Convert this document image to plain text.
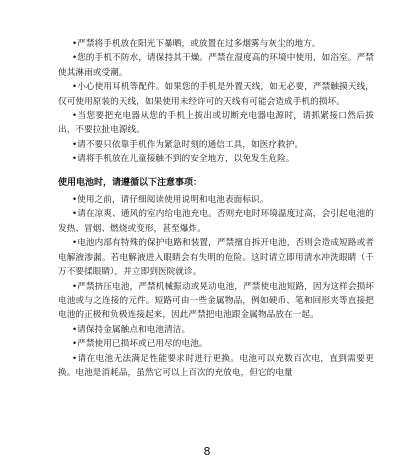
•严禁将手机放在阳光下暴晒，或放置在过多烟雾与灰尘的地方。

•您的手机不防水，请保持其干燥。严禁在湿度高的环境中使用，如浴室。严禁使其淋雨或受潮。

•小心使用耳机等配件。如果您的手机是外置天线，如无必要，严禁触摸天线，仅可使用原装的天线，如果使用未经许可的天线有可能会造成手机的损坏。

•当您要把充电器从您的手机上拔出或切断充电器电源时，请抓紧接口然后拔出，不要拉扯电源线。

•请不要只依靠手机作为紧急时刻的通信工具，如医疗救护。

•请将手机放在儿童接触不到的安全地方，以免发生危险。

使用电池时，请遵循以下注意事项：

•使用之前，请仔细阅读使用说明和电池表面标识。

•请在凉爽、通风的室内给电池充电。否则充电时环境温度过高，会引起电池的发热、冒烟、燃烧或变形，甚至爆炸。

•电池内部有特殊的保护电路和装置，严禁擅自拆开电池，否则会造成短路或者电解液渗漏。若电解液进入眼睛会有失明的危险。这时请立即用清水冲洗眼睛（千万不要揉眼睛），并立即到医院就诊。

•严禁挤压电池，严禁机械振动或晃动电池，严禁使电池短路，因为这样会损坏电池或与之连接的元件。短路可由一些金属物品，例如硬币、笔和回形夹等直接把电池的正极和负极连接起来，因此严禁把电池跟金属物品放在一起。

•请保持金属触点和电池清洁。

•严禁使用已损坏或已用尽的电池。

•请在电池无法满足性能要求时进行更换。电池可以充数百次电，直到需要更换。电池是消耗品，虽然它可以上百次的充放电，但它的电量

8
